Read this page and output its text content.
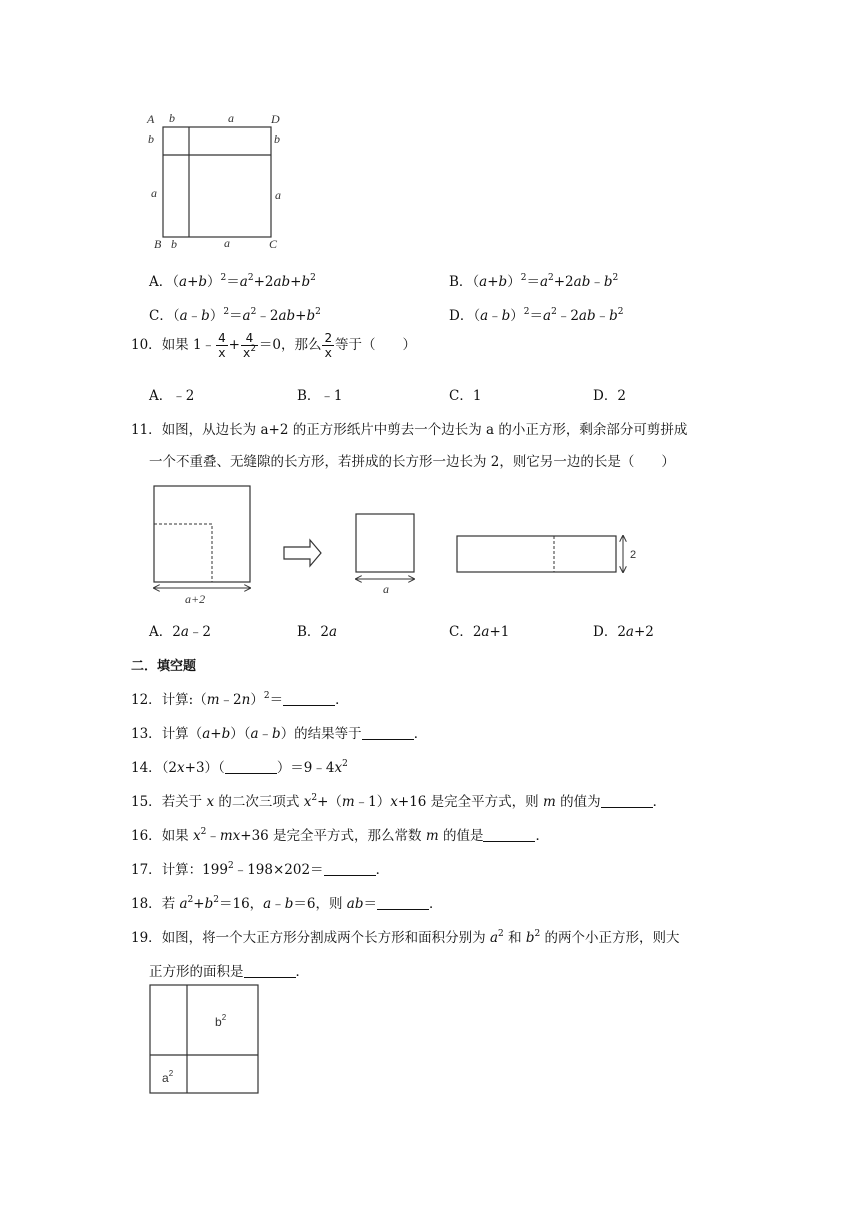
A b	a	D
b	b
a	a
B b	a	C
A．$(a+b)^2=a^2+2ab+b^2$	B．$(a+b)^2=a^2+2ab﹣b^2$
C．$(a﹣b)^2=a^2﹣2ab+b^2$	D．$(a﹣b)^2=a^2﹣2ab﹣b^2$
10．如果 1﹣ $\frac{4}{x} + \frac{4}{x^2} =0$，那么 $\frac{2}{x}$ 等于（　　）
A．﹣2	B．﹣1	C．1	D．2
11．如图，从边长为 a+2 的正方形纸片中剪去一个边长为 a 的小正方形，剩余部分可剪拼成
一个不重叠、无缝隙的长方形，若拼成的长方形一边长为 2，则它另一边的长是（　　）
a+2
a
2
A．2a﹣2	B．2a	C．2a+1	D．2a+2
二．填空题
12．计算:（m﹣2n）$^2$＝	．
13．计算（a+b）（a﹣b）的结果等于	．
14．（2x+3）（	）$=9﹣4x^2$
15．若关于 x 的二次三项式 $x^2+(m﹣1)x+16$ 是完全平方式，则 m 的值为	．
16．如果 $x^2﹣mx+36$ 是完全平方式，那么常数 m 的值是	．
17．计算：$199^2﹣198\times 202=$	．
18．若 $a^2+b^2=16$，a﹣b＝6，则 ab＝	．
19．如图，将一个大正方形分割成两个长方形和面积分别为 $a^2$ 和 $b^2$ 的两个小正方形，则大
正方形的面积是	．
$b^2$
$a^2$
